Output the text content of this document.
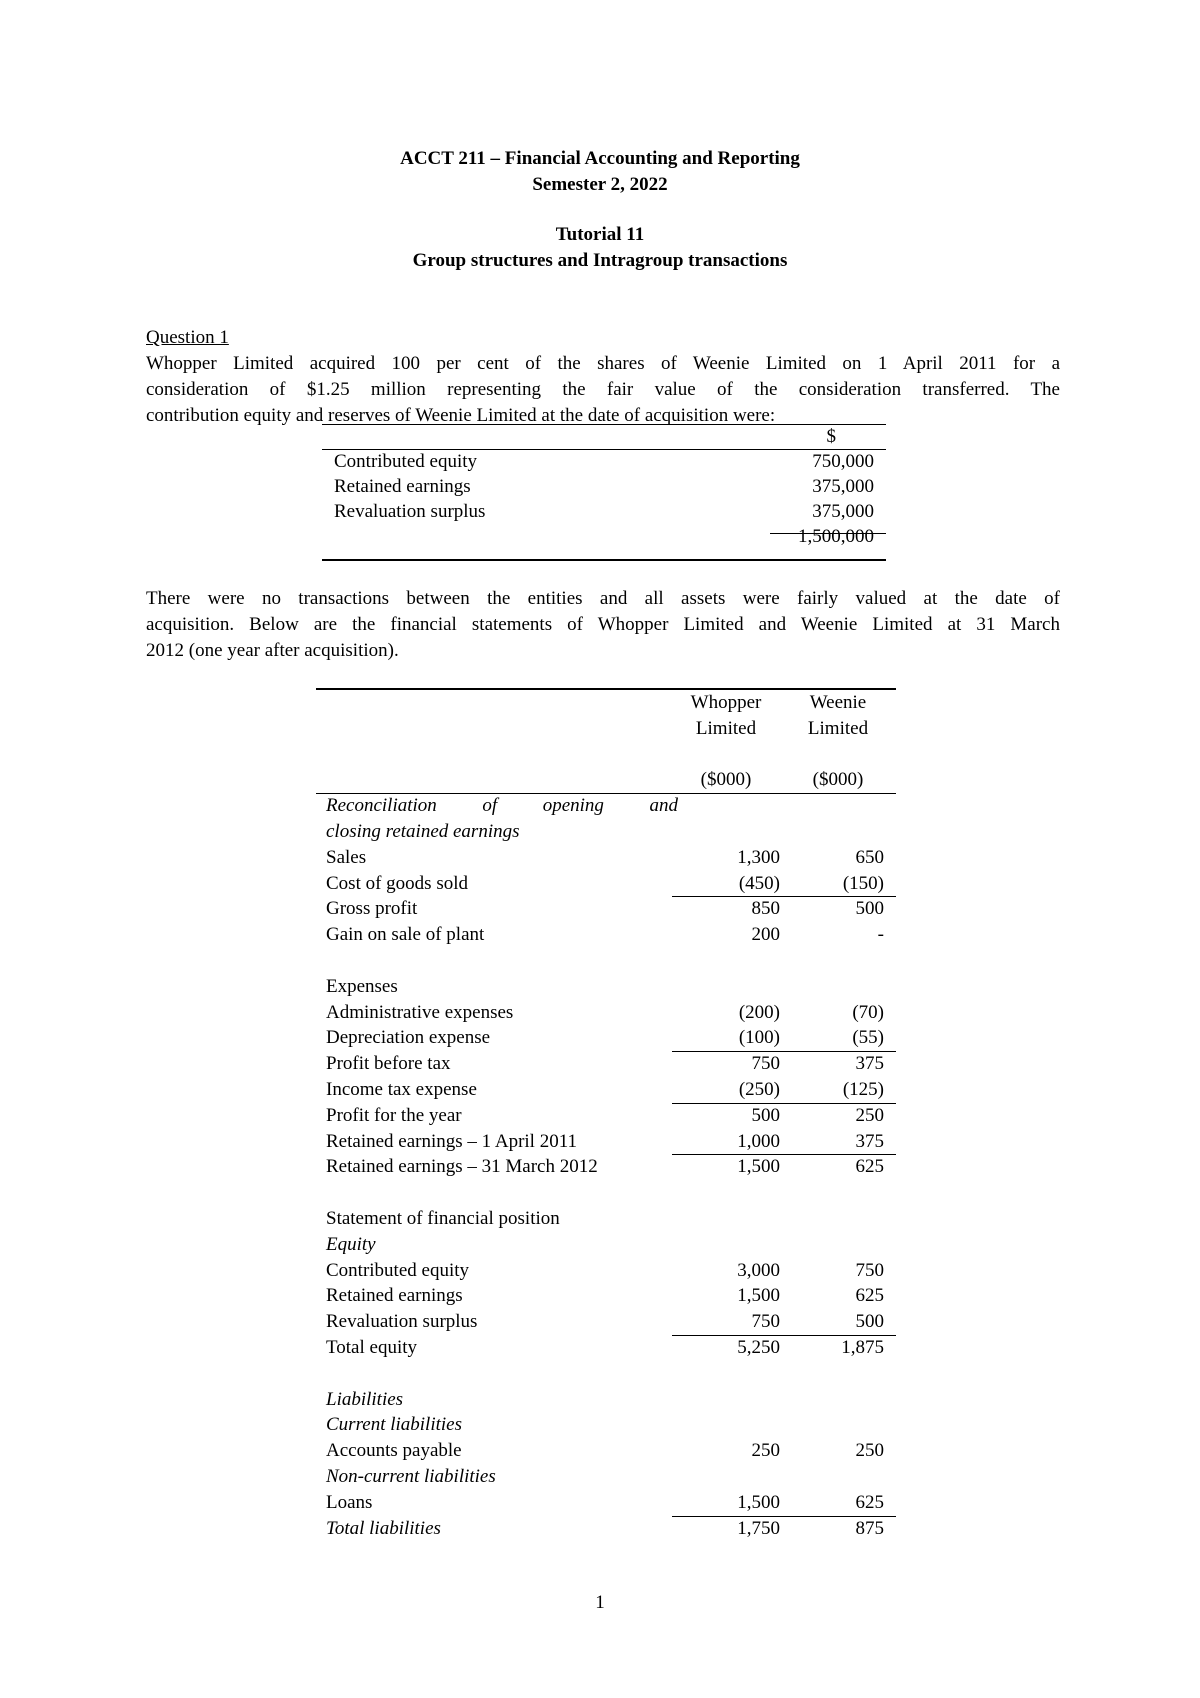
ACCT 211 – Financial Accounting and Reporting
Semester 2, 2022
Tutorial 11
Group structures and Intragroup transactions
Question 1
Whopper Limited acquired 100 per cent of the shares of Weenie Limited on 1 April 2011 for a
consideration of $1.25 million representing the fair value of the consideration transferred. The
contribution equity and reserves of Weenie Limited at the date of acquisition were:
$
Contributed equity	750,000
Retained earnings	375,000
Revaluation surplus	375,000
1,500,000
There were no transactions between the entities and all assets were fairly valued at the date of
acquisition. Below are the financial statements of Whopper Limited and Weenie Limited at 31 March
2012 (one year after acquisition).
Whopper	Weenie
Limited	Limited
($000)	($000)
Reconciliation of opening and
closing retained earnings
Sales	1,300	650
Cost of goods sold	(450)	(150)
Gross profit	850	500
Gain on sale of plant	200	-
Expenses
Administrative expenses	(200)	(70)
Depreciation expense	(100)	(55)
Profit before tax	750	375
Income tax expense	(250)	(125)
Profit for the year	500	250
Retained earnings – 1 April 2011	1,000	375
Retained earnings – 31 March 2012	1,500	625
Statement of financial position
Equity
Contributed equity	3,000	750
Retained earnings	1,500	625
Revaluation surplus	750	500
Total equity	5,250	1,875
Liabilities
Current liabilities
Accounts payable	250	250
Non-current liabilities
Loans	1,500	625
Total liabilities	1,750	875
1
